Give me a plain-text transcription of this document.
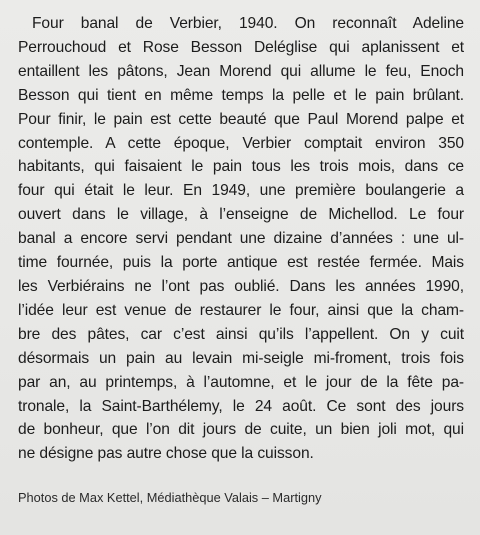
Four banal de Verbier, 1940. On reconnaît Adeline
Perrouchoud et Rose Besson Deléglise qui aplanissent et
entaillent les pâtons, Jean Morend qui allume le feu, Enoch
Besson qui tient en même temps la pelle et le pain brûlant.
Pour finir, le pain est cette beauté que Paul Morend palpe et
contemple. A cette époque, Verbier comptait environ 350
habitants, qui faisaient le pain tous les trois mois, dans ce
four qui était le leur. En 1949, une première boulangerie a
ouvert dans le village, à l’enseigne de Michellod. Le four
banal a encore servi pendant une dizaine d’années : une ul-
time fournée, puis la porte antique est restée fermée. Mais
les Verbiérains ne l’ont pas oublié. Dans les années 1990,
l’idée leur est venue de restaurer le four, ainsi que la cham-
bre des pâtes, car c’est ainsi qu’ils l’appellent. On y cuit
désormais un pain au levain mi-seigle mi-froment, trois fois
par an, au printemps, à l’automne, et le jour de la fête pa-
tronale, la Saint-Barthélemy, le 24 août. Ce sont des jours
de bonheur, que l’on dit jours de cuite, un bien joli mot, qui
ne désigne pas autre chose que la cuisson.
Photos de Max Kettel, Médiathèque Valais – Martigny
